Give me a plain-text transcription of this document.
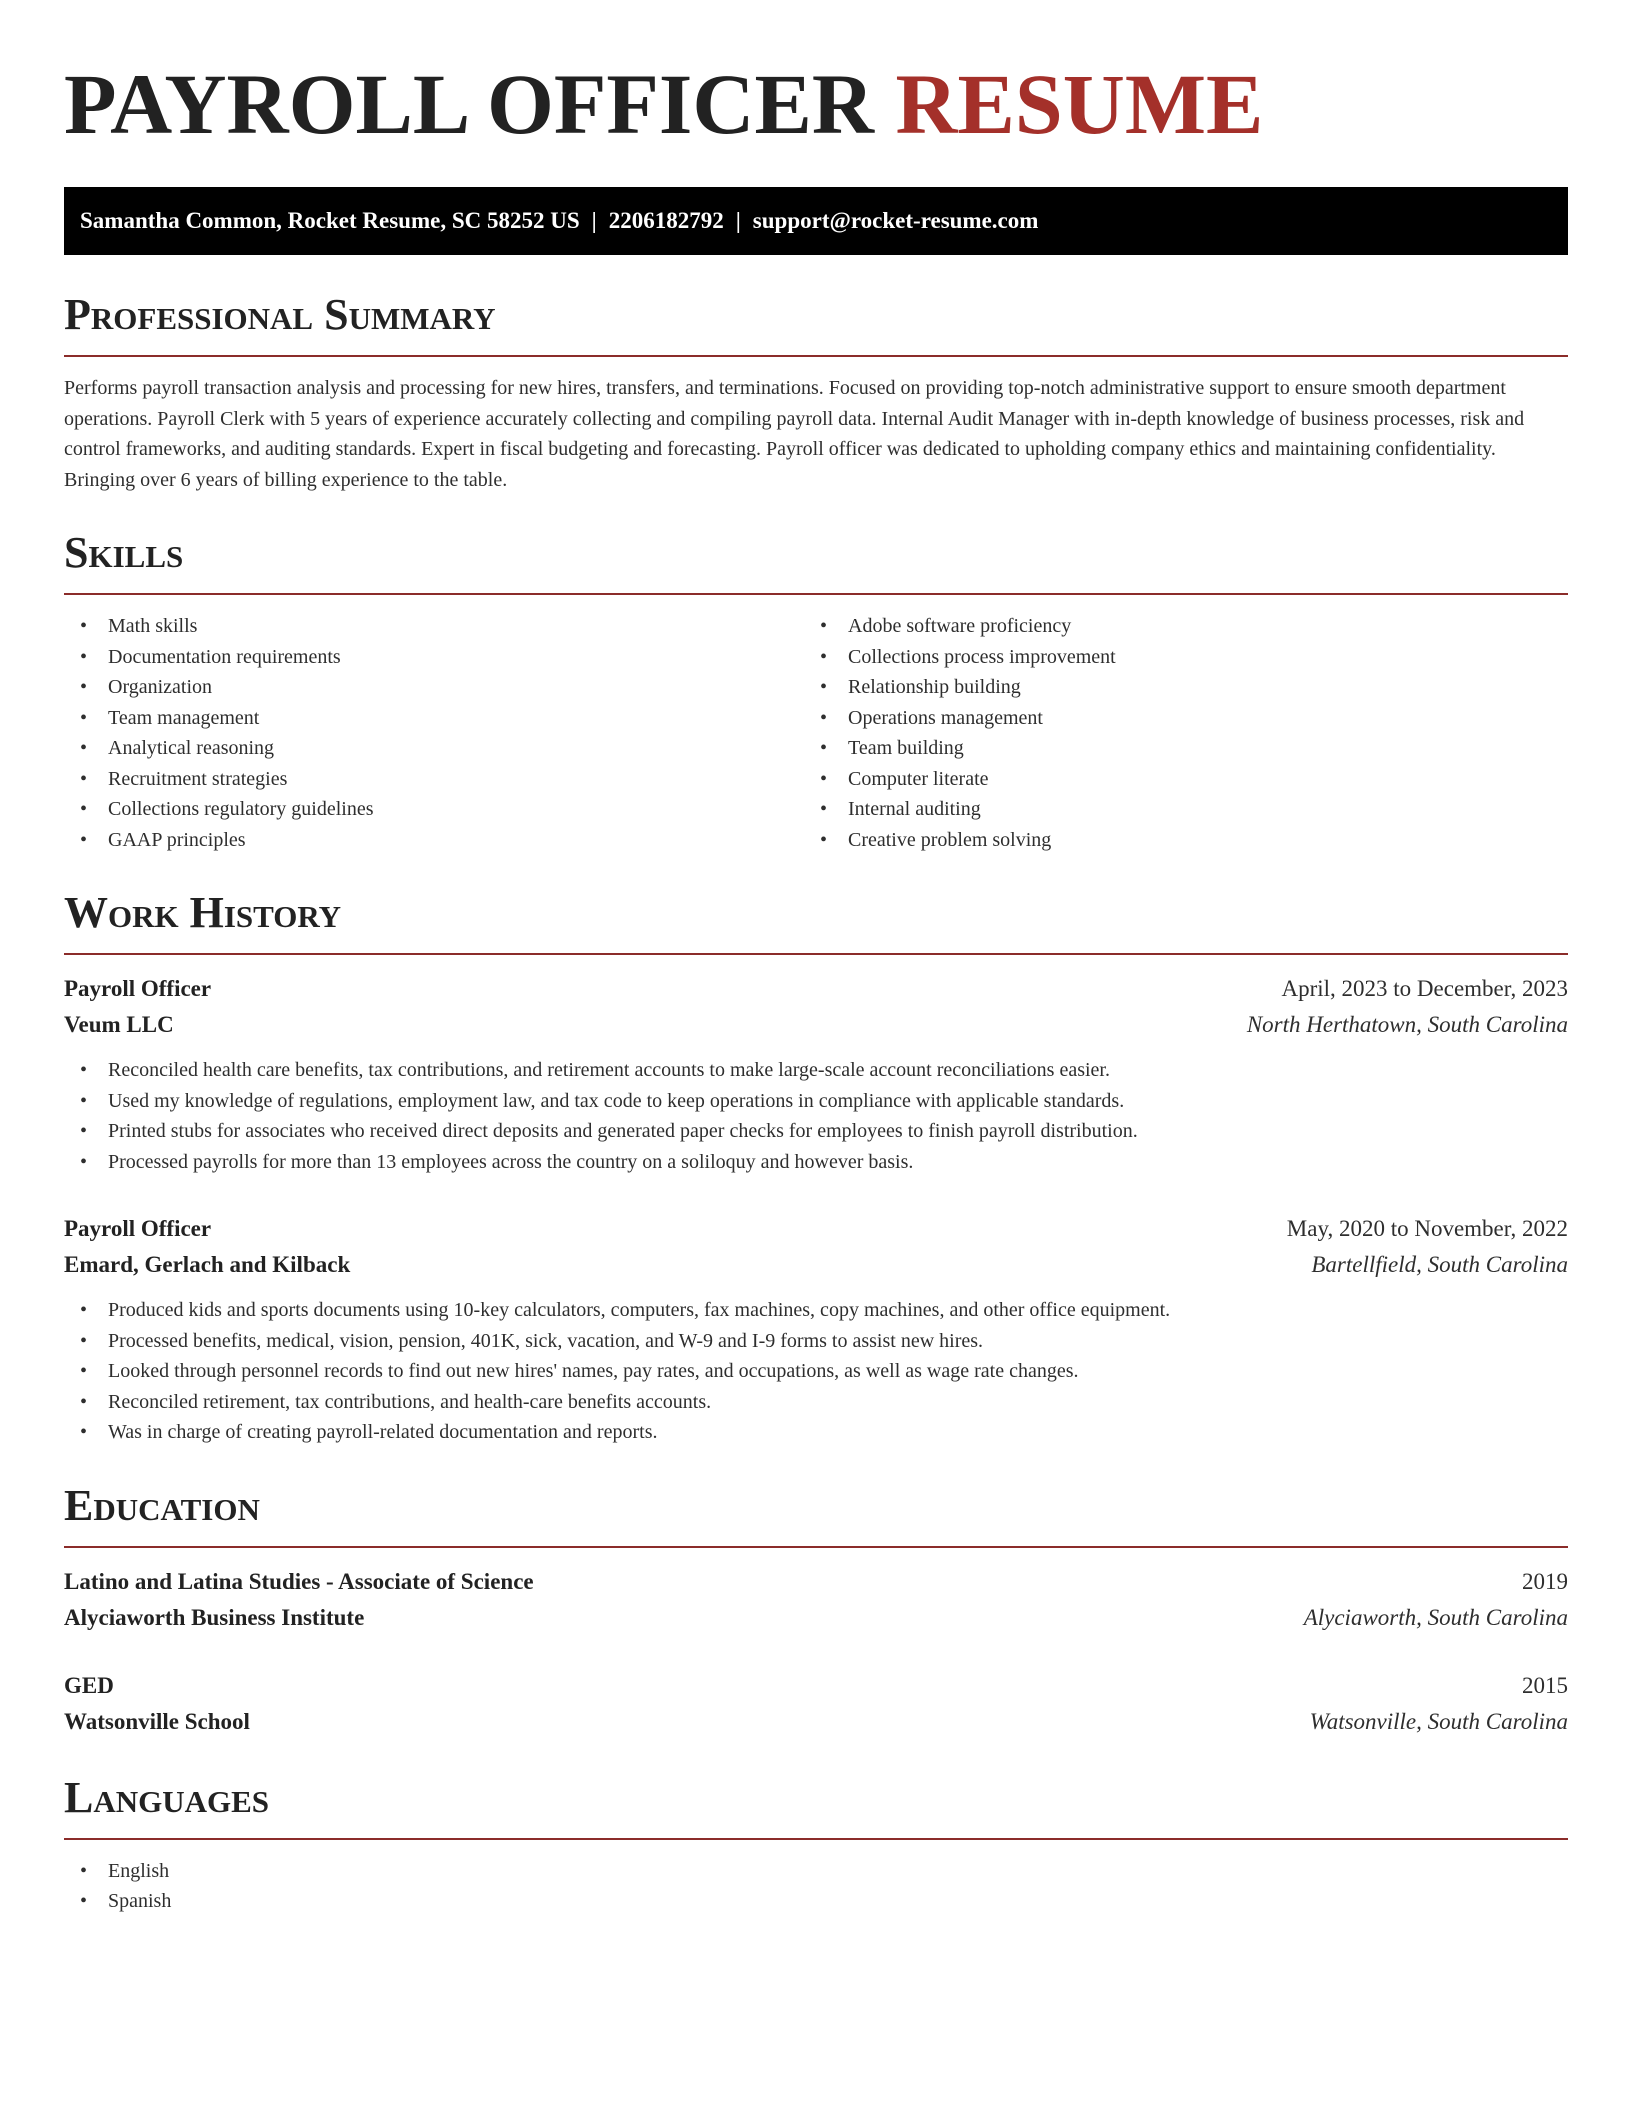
PAYROLL OFFICER RESUME
Samantha Common, Rocket Resume, SC 58252 US | 2206182792 | support@rocket-resume.com
Professional Summary

Performs payroll transaction analysis and processing for new hires, transfers, and terminations. Focused on providing top-notch administrative support to ensure smooth department operations. Payroll Clerk with 5 years of experience accurately collecting and compiling payroll data. Internal Audit Manager with in-depth knowledge of business processes, risk and control frameworks, and auditing standards. Expert in fiscal budgeting and forecasting. Payroll officer was dedicated to upholding company ethics and maintaining confidentiality. Bringing over 6 years of billing experience to the table.

Skills
• Math skills
• Documentation requirements
• Organization
• Team management
• Analytical reasoning
• Recruitment strategies
• Collections regulatory guidelines
• GAAP principles
• Adobe software proficiency
• Collections process improvement
• Relationship building
• Operations management
• Team building
• Computer literate
• Internal auditing
• Creative problem solving
Work History
Payroll Officer	April, 2023 to December, 2023
Veum LLC	North Herthatown, South Carolina
• Reconciled health care benefits, tax contributions, and retirement accounts to make large-scale account reconciliations easier.
• Used my knowledge of regulations, employment law, and tax code to keep operations in compliance with applicable standards.
• Printed stubs for associates who received direct deposits and generated paper checks for employees to finish payroll distribution.
• Processed payrolls for more than 13 employees across the country on a soliloquy and however basis.
Payroll Officer	May, 2020 to November, 2022
Emard, Gerlach and Kilback	Bartellfield, South Carolina
• Produced kids and sports documents using 10-key calculators, computers, fax machines, copy machines, and other office equipment.
• Processed benefits, medical, vision, pension, 401K, sick, vacation, and W-9 and I-9 forms to assist new hires.
• Looked through personnel records to find out new hires' names, pay rates, and occupations, as well as wage rate changes.
• Reconciled retirement, tax contributions, and health-care benefits accounts.
• Was in charge of creating payroll-related documentation and reports.
Education
Latino and Latina Studies - Associate of Science	2019
Alyciaworth Business Institute	Alyciaworth, South Carolina
GED	2015
Watsonville School	Watsonville, South Carolina
Languages
• English
• Spanish
